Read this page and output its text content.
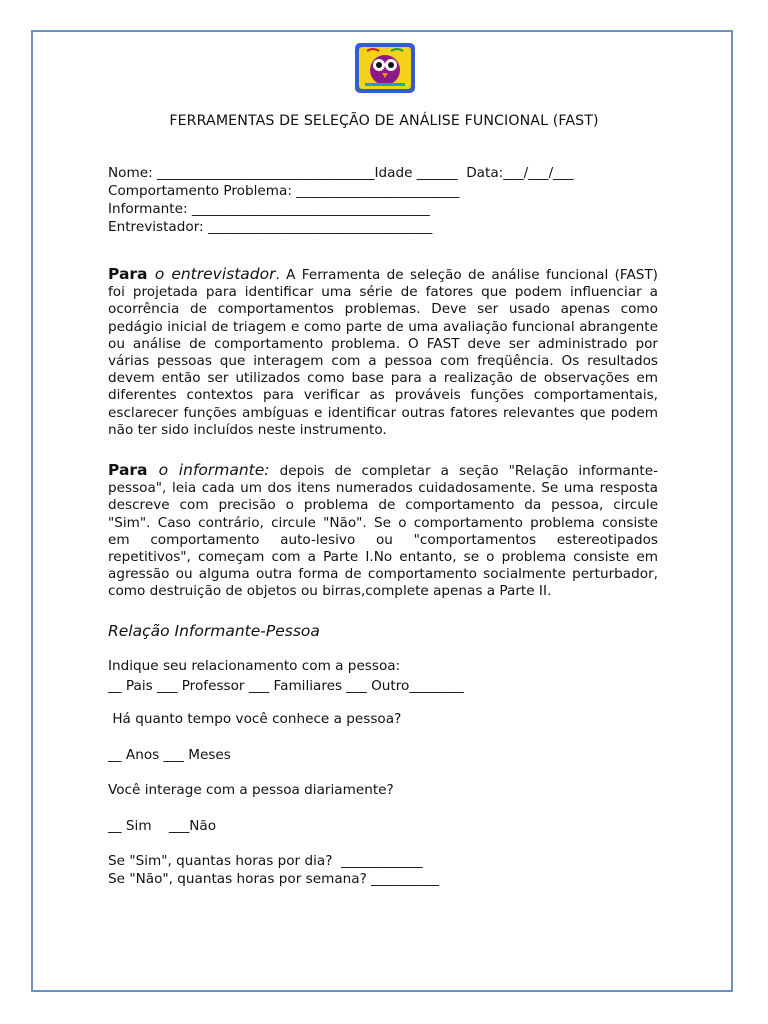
FERRAMENTAS DE SELEÇÃO DE ANÁLISE FUNCIONAL (FAST)
Nome: ________________________________Idade ______  Data:___/___/___
Comportamento Problema: ________________________
Informante: ___________________________________
Entrevistador: _________________________________

Para o entrevistador. A Ferramenta de seleção de análise funcional (FAST)

foi projetada para identificar uma série de fatores que podem influenciar a

ocorrência de comportamentos problemas. Deve ser usado apenas como

pedágio inicial de triagem e como parte de uma avaliação funcional abrangente

ou análise de comportamento problema. O FAST deve ser administrado por

várias pessoas que interagem com a pessoa com freqüência. Os resultados

devem então ser utilizados como base para a realização de observações em

diferentes contextos para verificar as prováveis funções comportamentais,

esclarecer funções ambíguas e identificar outras fatores relevantes que podem

não ter sido incluídos neste instrumento.

Para o informante: depois de completar a seção "Relação informante-

pessoa", leia cada um dos itens numerados cuidadosamente. Se uma resposta

descreve com precisão o problema de comportamento da pessoa, circule

"Sim". Caso contrário, circule "Não". Se o comportamento problema consiste

em comportamento auto-lesivo ou "comportamentos estereotipados

repetitivos", começam com a Parte I.No entanto, se o problema consiste em

agressão ou alguma outra forma de comportamento socialmente perturbador,

como destruição de objetos ou birras,complete apenas a Parte II.

Relação Informante-Pessoa
Indique seu relacionamento com a pessoa:
__ Pais ___ Professor ___ Familiares ___ Outro________
Há quanto tempo você conhece a pessoa?
__ Anos ___ Meses
Você interage com a pessoa diariamente?
__ Sim    ___Não
Se "Sim", quantas horas por dia?  ____________
Se "Não", quantas horas por semana? __________
